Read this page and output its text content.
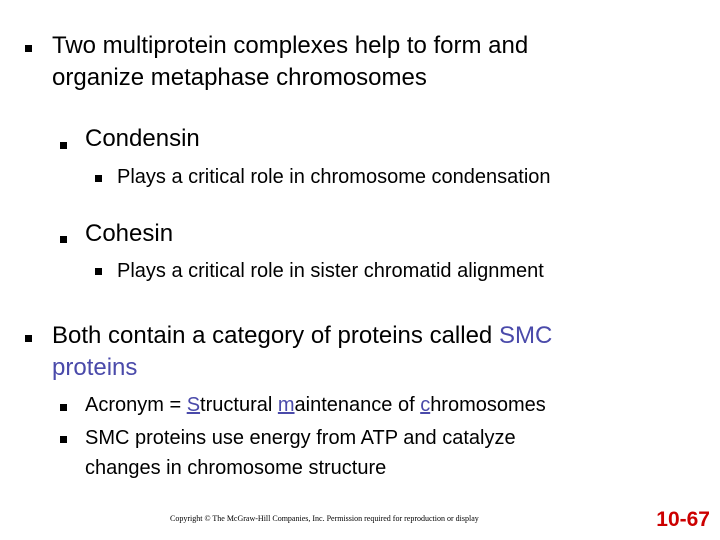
Two multiprotein complexes help to form and
organize metaphase chromosomes
Condensin
Plays a critical role in chromosome condensation
Cohesin
Plays a critical role in sister chromatid alignment
Both contain a category of proteins called SMC
proteins
Acronym = Structural maintenance of chromosomes
SMC proteins use energy from ATP and catalyze
changes in chromosome structure
Copyright © The McGraw-Hill Companies, Inc. Permission required for reproduction or display	10-67
